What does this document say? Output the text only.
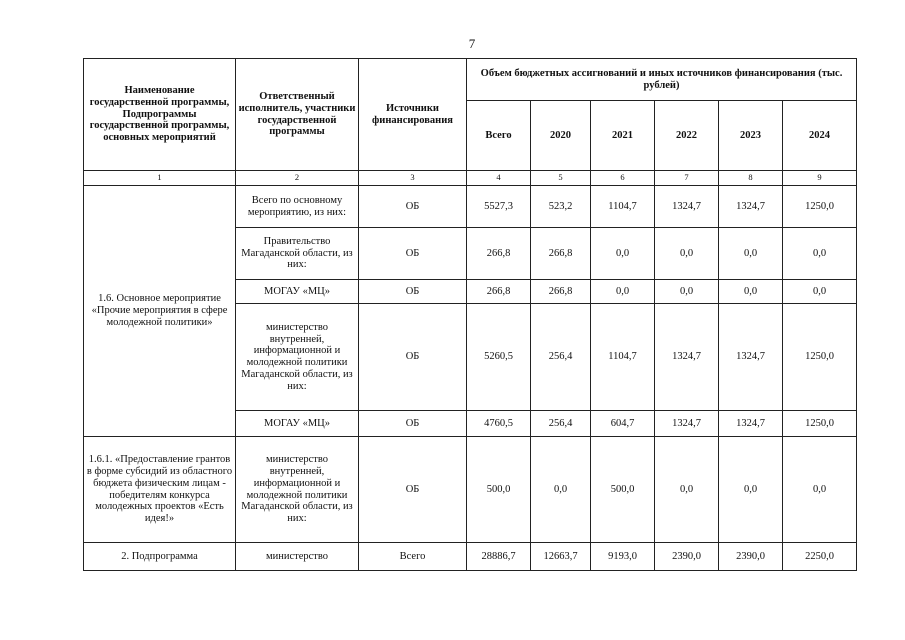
7
Наименование государственной программы, Подпрограммы государственной программы, основных мероприятий	Ответственный исполнитель, участники государственной программы	Источники финансирования	Объем бюджетных ассигнований и иных источников финансирования (тыс. рублей)					
			Всего	2020	2021	2022	2023	2024
1	2	3	4	5	6	7	8	9
1.6. Основное мероприятие «Прочие мероприятия в сфере молодежной политики»	Всего по основному мероприятию, из них:	ОБ	5527,3	523,2	1104,7	1324,7	1324,7	1250,0
	Правительство Магаданской области, из них:	ОБ	266,8	266,8	0,0	0,0	0,0	0,0
	МОГАУ «МЦ»	ОБ	266,8	266,8	0,0	0,0	0,0	0,0
	министерство внутренней, информационной и молодежной политики Магаданской области, из них:	ОБ	5260,5	256,4	1104,7	1324,7	1324,7	1250,0
	МОГАУ «МЦ»	ОБ	4760,5	256,4	604,7	1324,7	1324,7	1250,0
1.6.1. «Предоставление грантов в форме субсидий из областного бюджета физическим лицам - победителям конкурса молодежных проектов «Есть идея!»	министерство внутренней, информационной и молодежной политики Магаданской области, из них:	ОБ	500,0	0,0	500,0	0,0	0,0	0,0
2. Подпрограмма	министерство	Всего	28886,7	12663,7	9193,0	2390,0	2390,0	2250,0
